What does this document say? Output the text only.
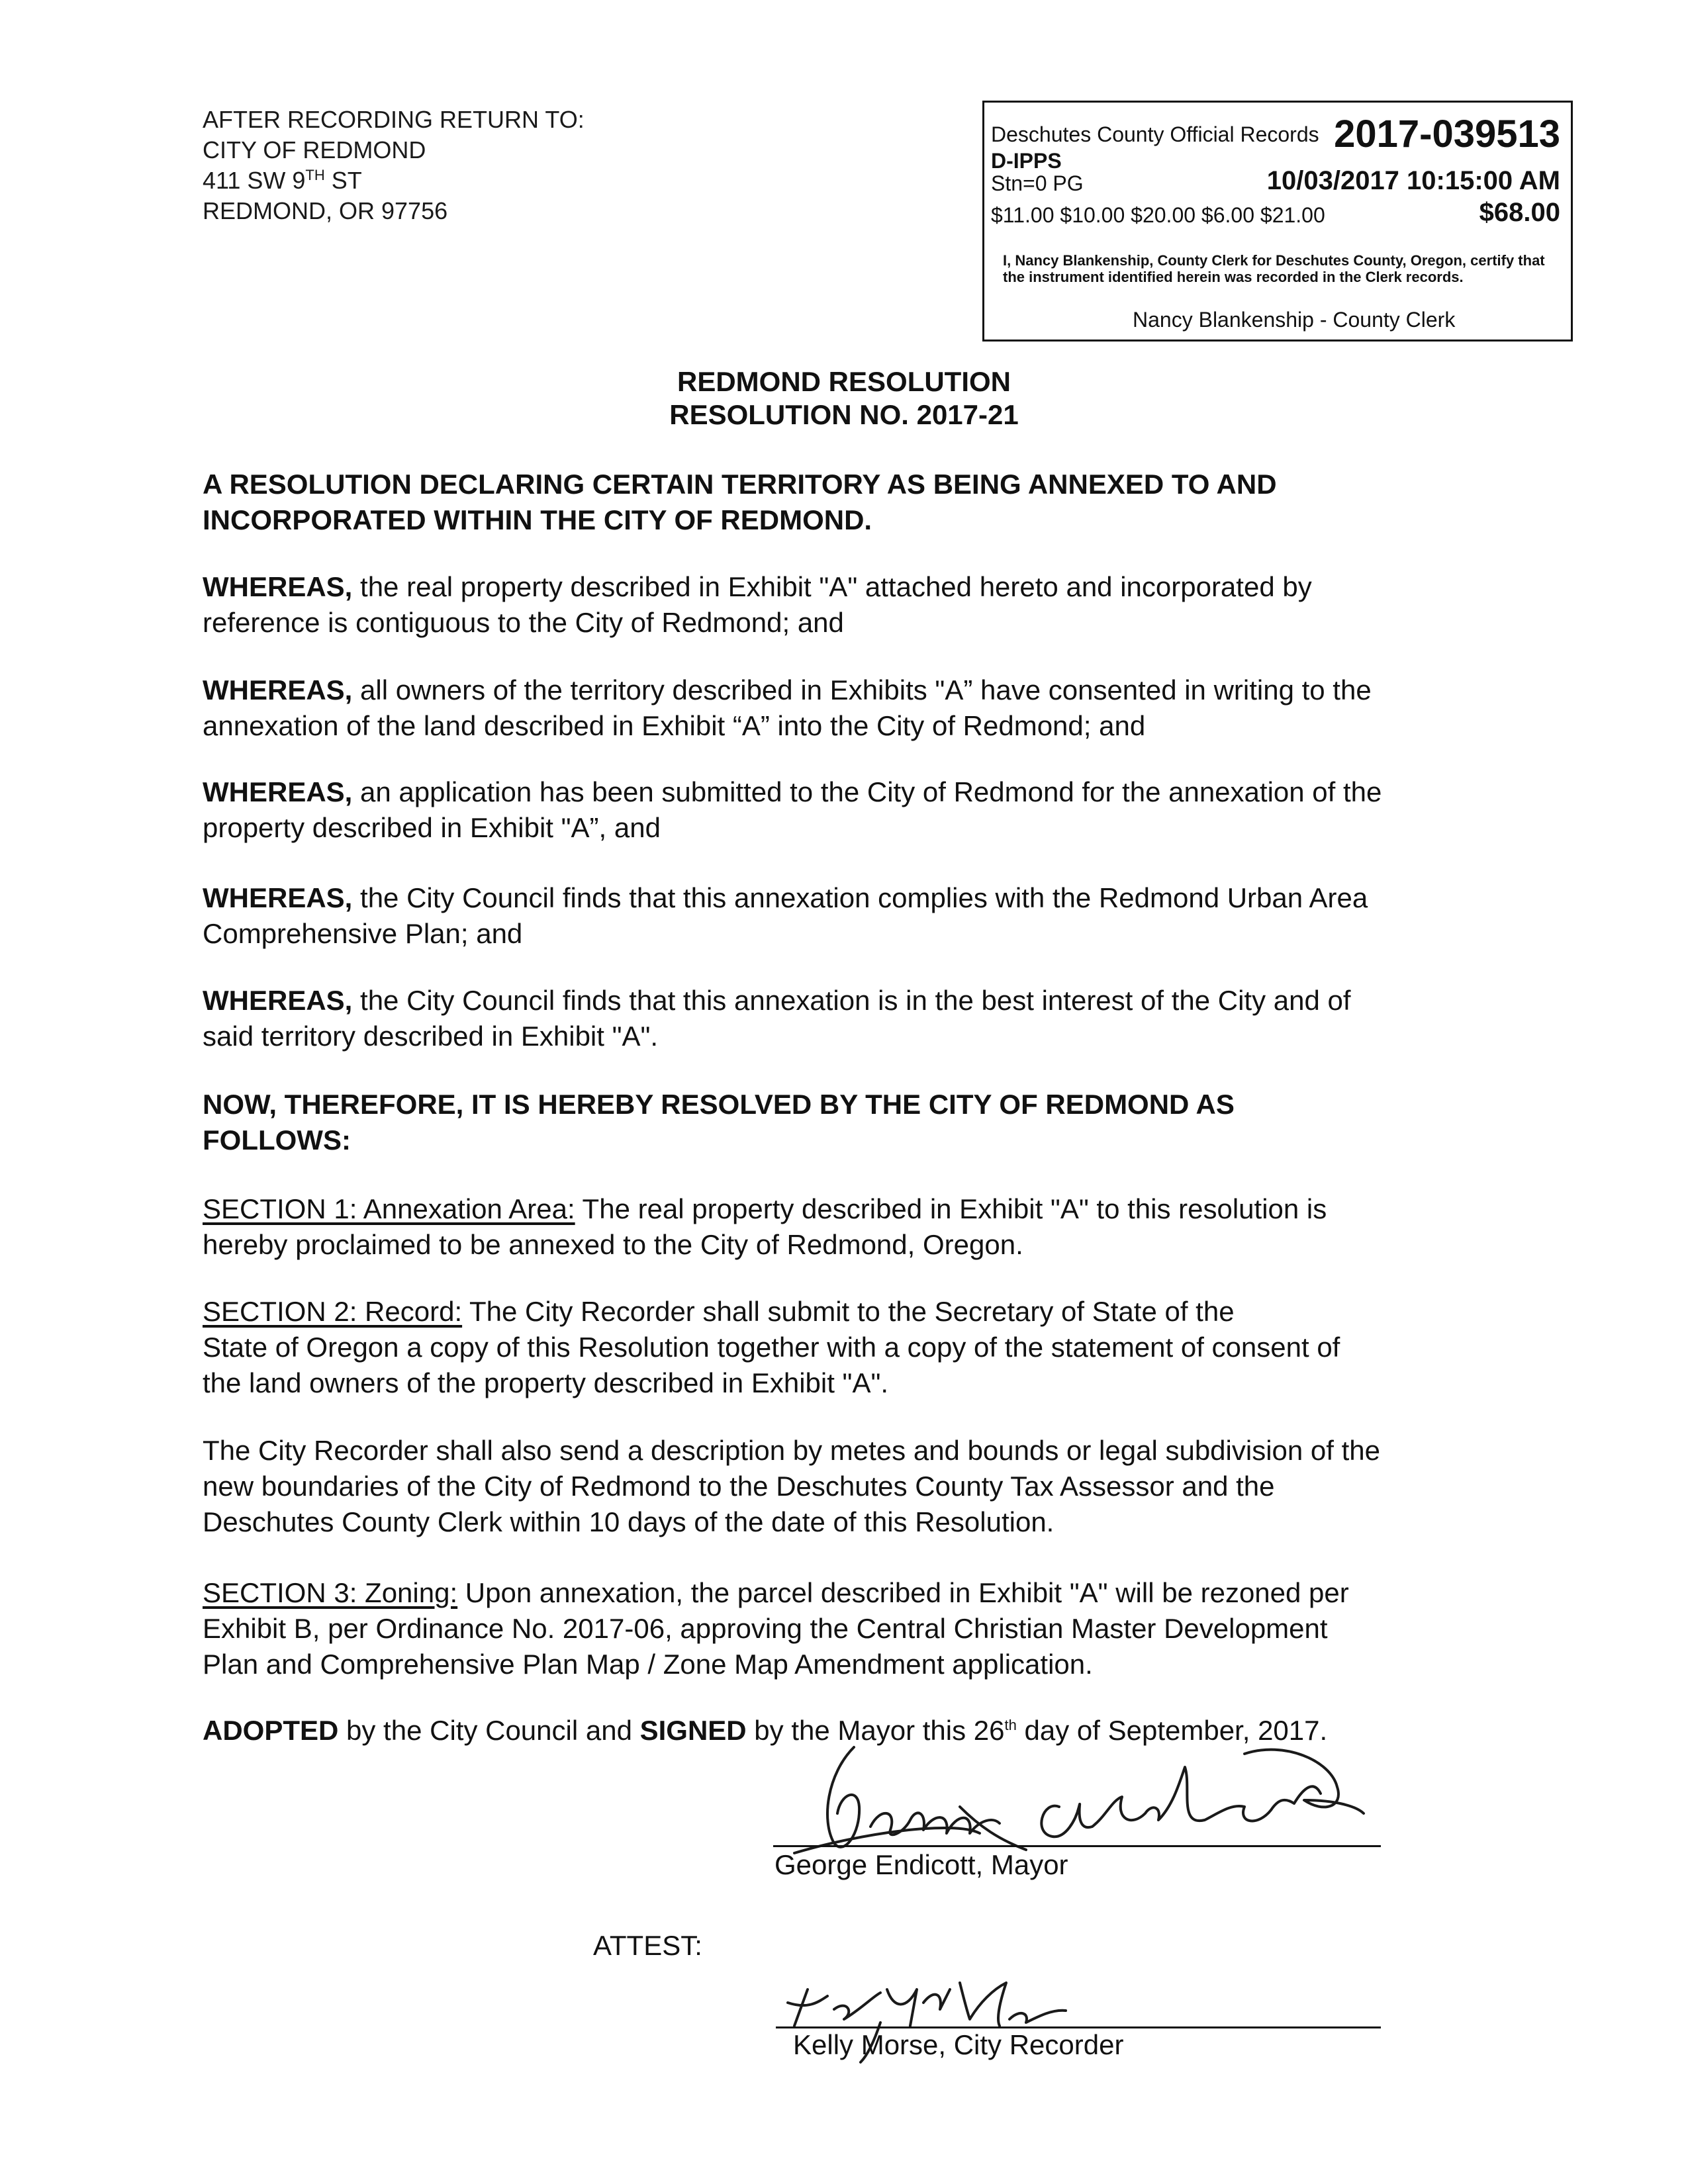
AFTER RECORDING RETURN TO:
CITY OF REDMOND
411 SW 9TH ST
REDMOND, OR 97756
Deschutes County Official Records 2017-039513
D-IPPS
Stn=0 PG	10/03/2017 10:15:00 AM
$11.00 $10.00 $20.00 $6.00 $21.00	$68.00
I, Nancy Blankenship, County Clerk for Deschutes County, Oregon, certify that the instrument identified herein was recorded in the Clerk records.
Nancy Blankenship - County Clerk
REDMOND RESOLUTION
RESOLUTION NO. 2017-21
A RESOLUTION DECLARING CERTAIN TERRITORY AS BEING ANNEXED TO AND
INCORPORATED WITHIN THE CITY OF REDMOND.
WHEREAS, the real property described in Exhibit "A" attached hereto and incorporated by
reference is contiguous to the City of Redmond; and
WHEREAS, all owners of the territory described in Exhibits "A” have consented in writing to the
annexation of the land described in Exhibit “A” into the City of Redmond; and
WHEREAS, an application has been submitted to the City of Redmond for the annexation of the
property described in Exhibit "A”, and
WHEREAS, the City Council finds that this annexation complies with the Redmond Urban Area
Comprehensive Plan; and
WHEREAS, the City Council finds that this annexation is in the best interest of the City and of
said territory described in Exhibit "A".
NOW, THEREFORE, IT IS HEREBY RESOLVED BY THE CITY OF REDMOND AS
FOLLOWS:
SECTION 1: Annexation Area: The real property described in Exhibit "A" to this resolution is
hereby proclaimed to be annexed to the City of Redmond, Oregon.
SECTION 2: Record: The City Recorder shall submit to the Secretary of State of the
State of Oregon a copy of this Resolution together with a copy of the statement of consent of
the land owners of the property described in Exhibit "A".
The City Recorder shall also send a description by metes and bounds or legal subdivision of the
new boundaries of the City of Redmond to the Deschutes County Tax Assessor and the
Deschutes County Clerk within 10 days of the date of this Resolution.
SECTION 3: Zoning: Upon annexation, the parcel described in Exhibit "A" will be rezoned per
Exhibit B, per Ordinance No. 2017-06, approving the Central Christian Master Development
Plan and Comprehensive Plan Map / Zone Map Amendment application.
ADOPTED by the City Council and SIGNED by the Mayor this 26th day of September, 2017.
George Endicott, Mayor
ATTEST:
Kelly Morse, City Recorder
